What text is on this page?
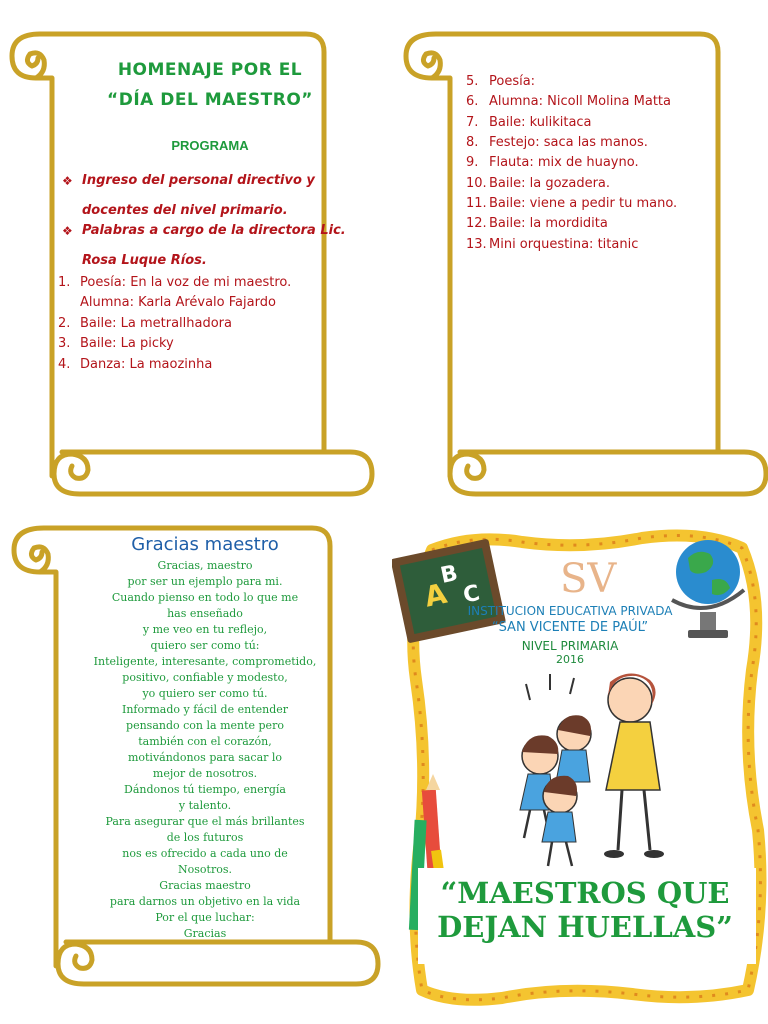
HOMENAJE POR EL
“DÍA DEL MAESTRO”
PROGRAMA
❖ Ingreso del personal directivo y
docentes del nivel primario.
❖ Palabras a cargo de la directora Lic.
Rosa Luque Ríos.
1. Poesía: En la voz de mi maestro.
Alumna: Karla Arévalo Fajardo
2. Baile: La metrallhadora
3. Baile: La picky
4. Danza: La maozinha
5. Poesía:
6. Alumna: Nicoll Molina Matta
7. Baile: kulikitaca
8. Festejo: saca las manos.
9. Flauta: mix de huayno.
10. Baile: la gozadera.
11. Baile: viene a pedir tu mano.
12. Baile: la mordidita
13. Mini orquestina: titanic
Gracias maestro
Gracias, maestro
por ser un ejemplo para mi.
Cuando pienso en todo lo que me
has enseñado
y me veo en tu reflejo,
quiero ser como tú:
Inteligente, interesante, comprometido,
positivo, confiable y modesto,
yo quiero ser como tú.
Informado y fácil de entender
pensando con la mente pero
también con el corazón,
motivándonos para sacar lo
mejor de nosotros.
Dándonos tú tiempo, energía
y talento.
Para asegurar que el más brillantes
de los futuros
nos es ofrecido a cada uno de
Nosotros.
Gracias maestro
para darnos un objetivo en la vida
Por el que luchar:
Gracias
A
B
C SV
INSTITUCION EDUCATIVA PRIVADA
“SAN VICENTE DE PAÚL”
NIVEL PRIMARIA
2016
“MAESTROS QUE
DEJAN HUELLAS”
